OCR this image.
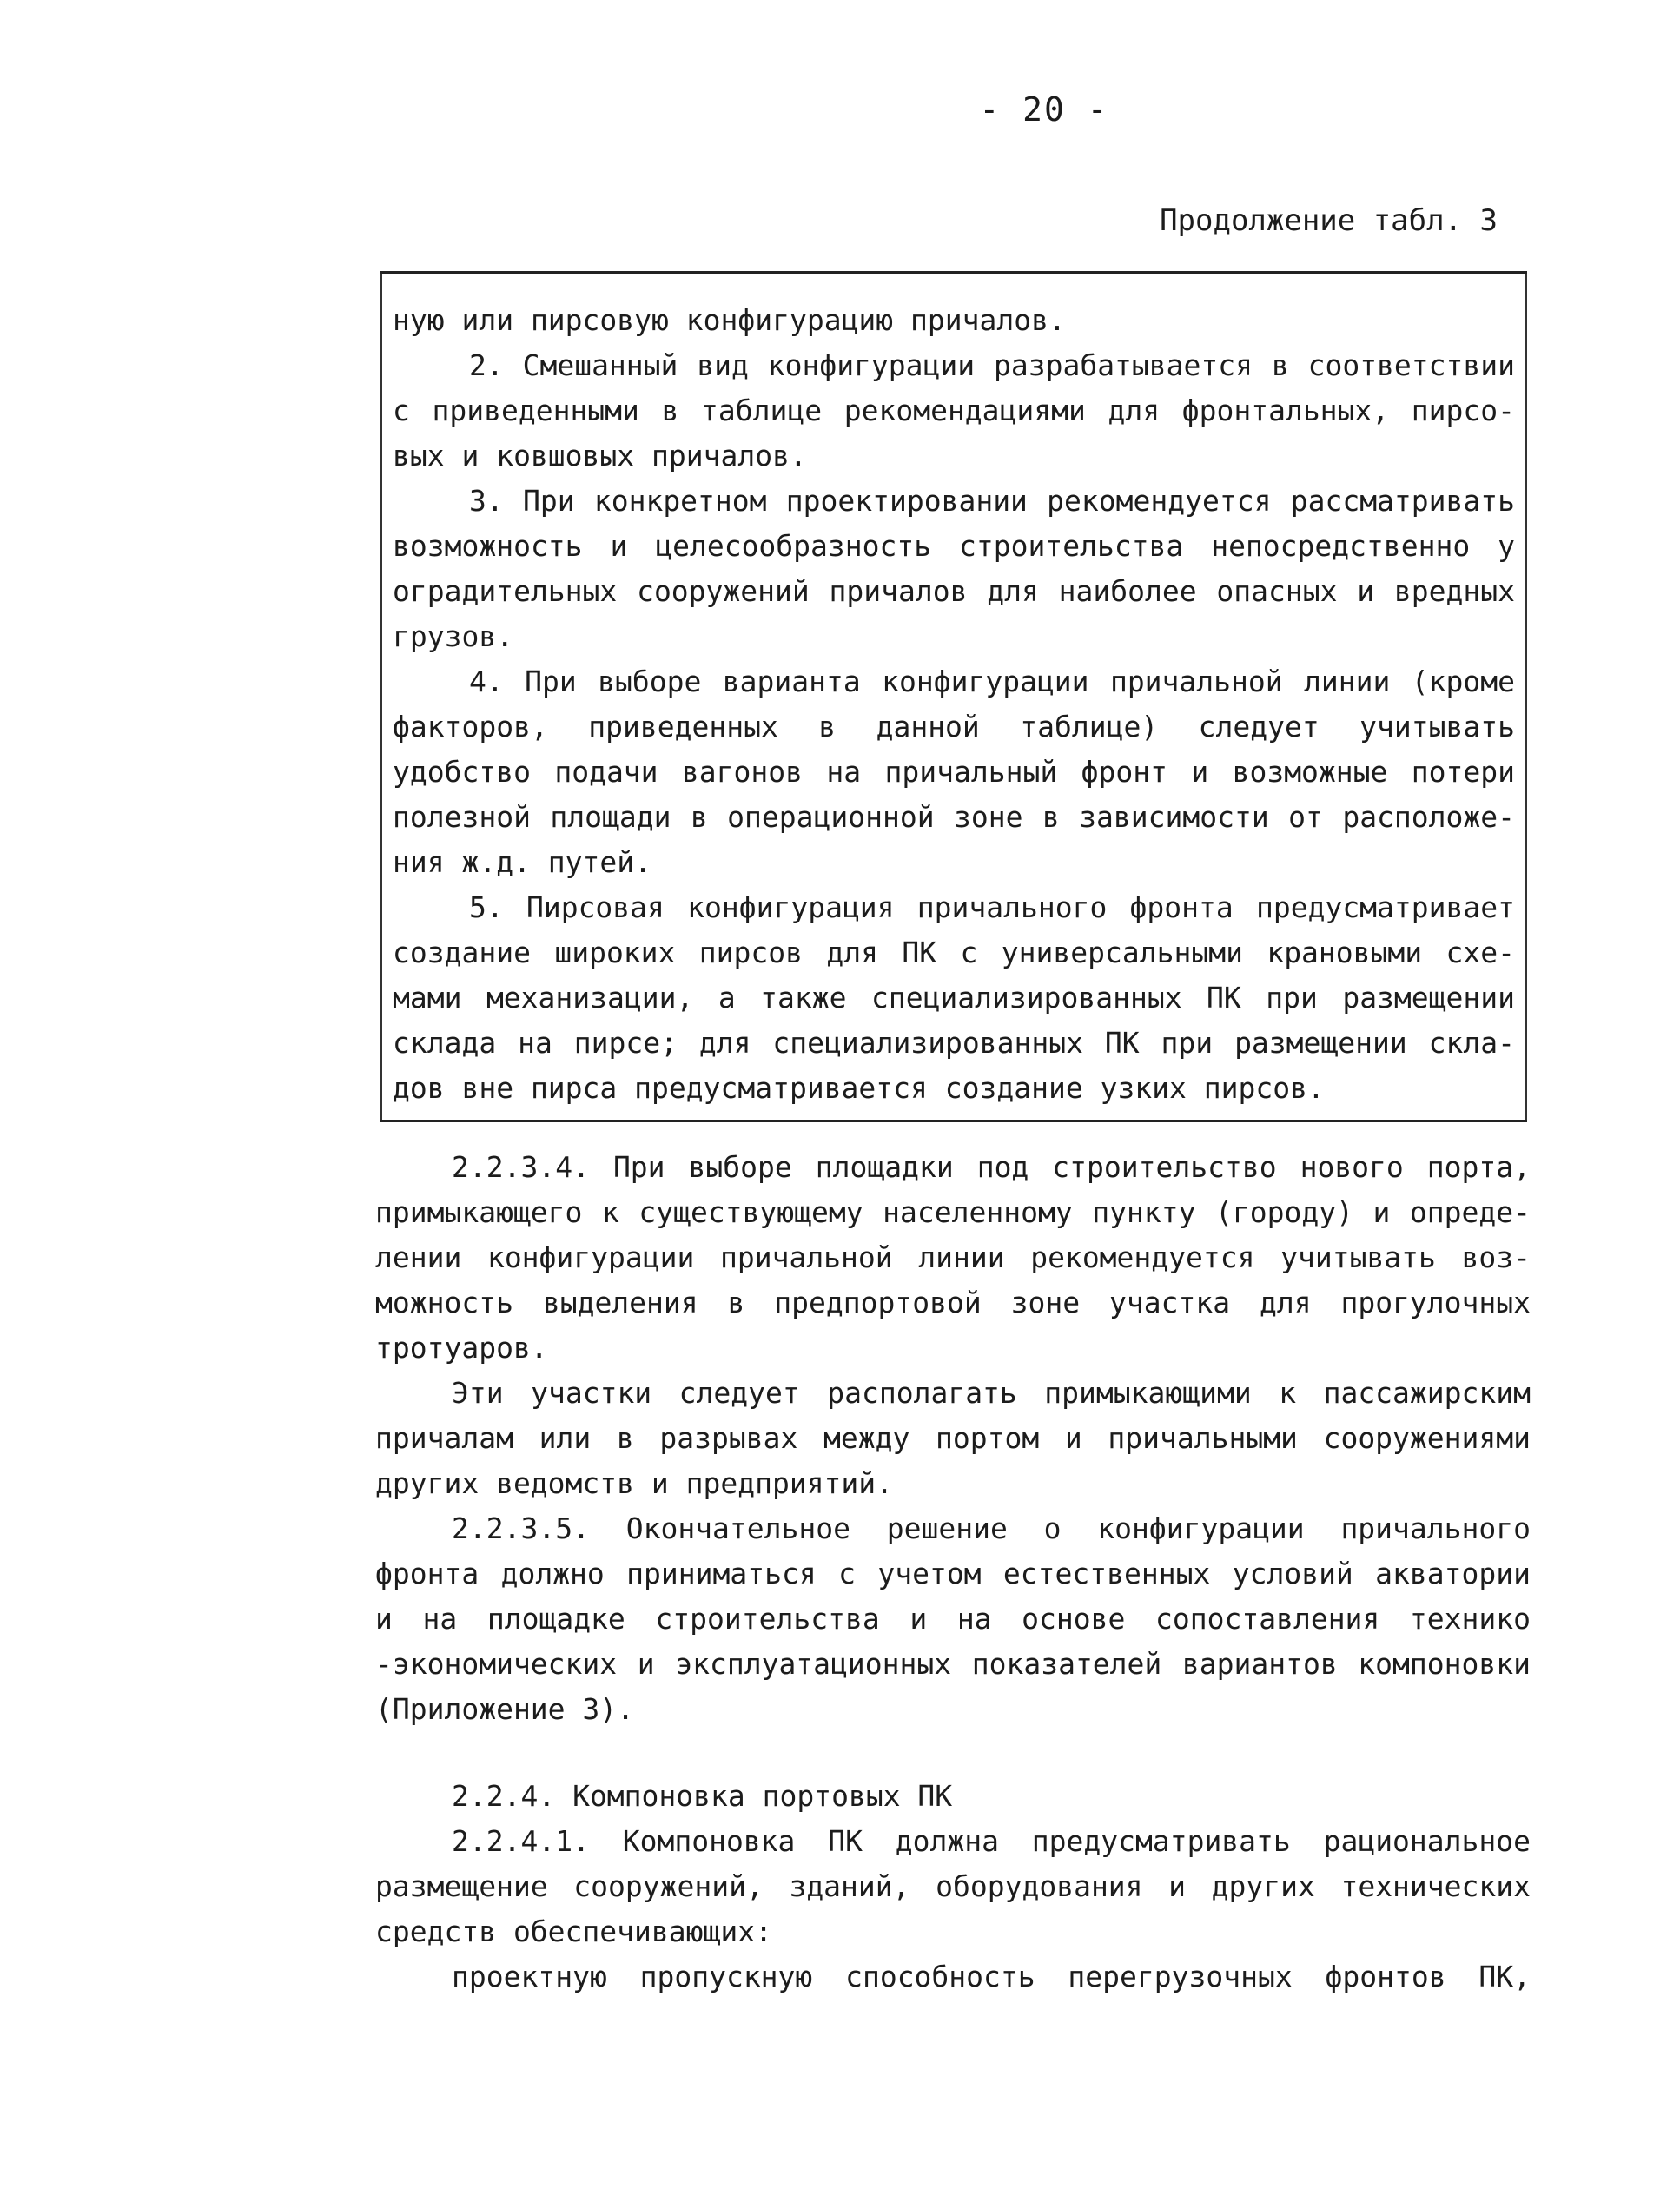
- 20 -
Продолжение табл. 3
ную или пирсовую конфигурацию причалов.
2. Смешанный вид конфигурации разрабатывается в соответствии
с приведенными в таблице рекомендациями для фронтальных, пирсо-
вых и ковшовых причалов.
3. При конкретном проектировании рекомендуется рассматривать
возможность и целесообразность строительства непосредственно у
оградительных сооружений причалов для наиболее опасных и вредных
грузов.
4. При выборе варианта конфигурации причальной линии (кроме
факторов, приведенных в данной таблице) следует учитывать
удобство подачи вагонов на причальный фронт и возможные потери
полезной площади в операционной зоне в зависимости от расположе-
ния ж.д. путей.
5. Пирсовая конфигурация причального фронта предусматривает
создание широких пирсов для ПК с универсальными крановыми схе-
мами механизации, а также специализированных ПК при размещении
склада на пирсе; для специализированных ПК при размещении скла-
дов вне пирса предусматривается создание узких пирсов.
2.2.3.4. При выборе площадки под строительство нового порта,
примыкающего к существующему населенному пункту (городу) и опреде-
лении конфигурации причальной линии рекомендуется учитывать воз-
можность выделения в предпортовой зоне участка для прогулочных
тротуаров.
Эти участки следует располагать примыкающими к пассажирским
причалам или в разрывах между портом и причальными сооружениями
других ведомств и предприятий.
2.2.3.5. Окончательное решение о конфигурации причального
фронта должно приниматься с учетом естественных условий акватории
и на площадке строительства и на основе сопоставления технико
-экономических и эксплуатационных показателей вариантов компоновки
(Приложение 3).
2.2.4. Компоновка портовых ПК
2.2.4.1. Компоновка ПК должна предусматривать рациональное
размещение сооружений, зданий, оборудования и других технических
средств обеспечивающих:
проектную пропускную способность перегрузочных фронтов ПК,
